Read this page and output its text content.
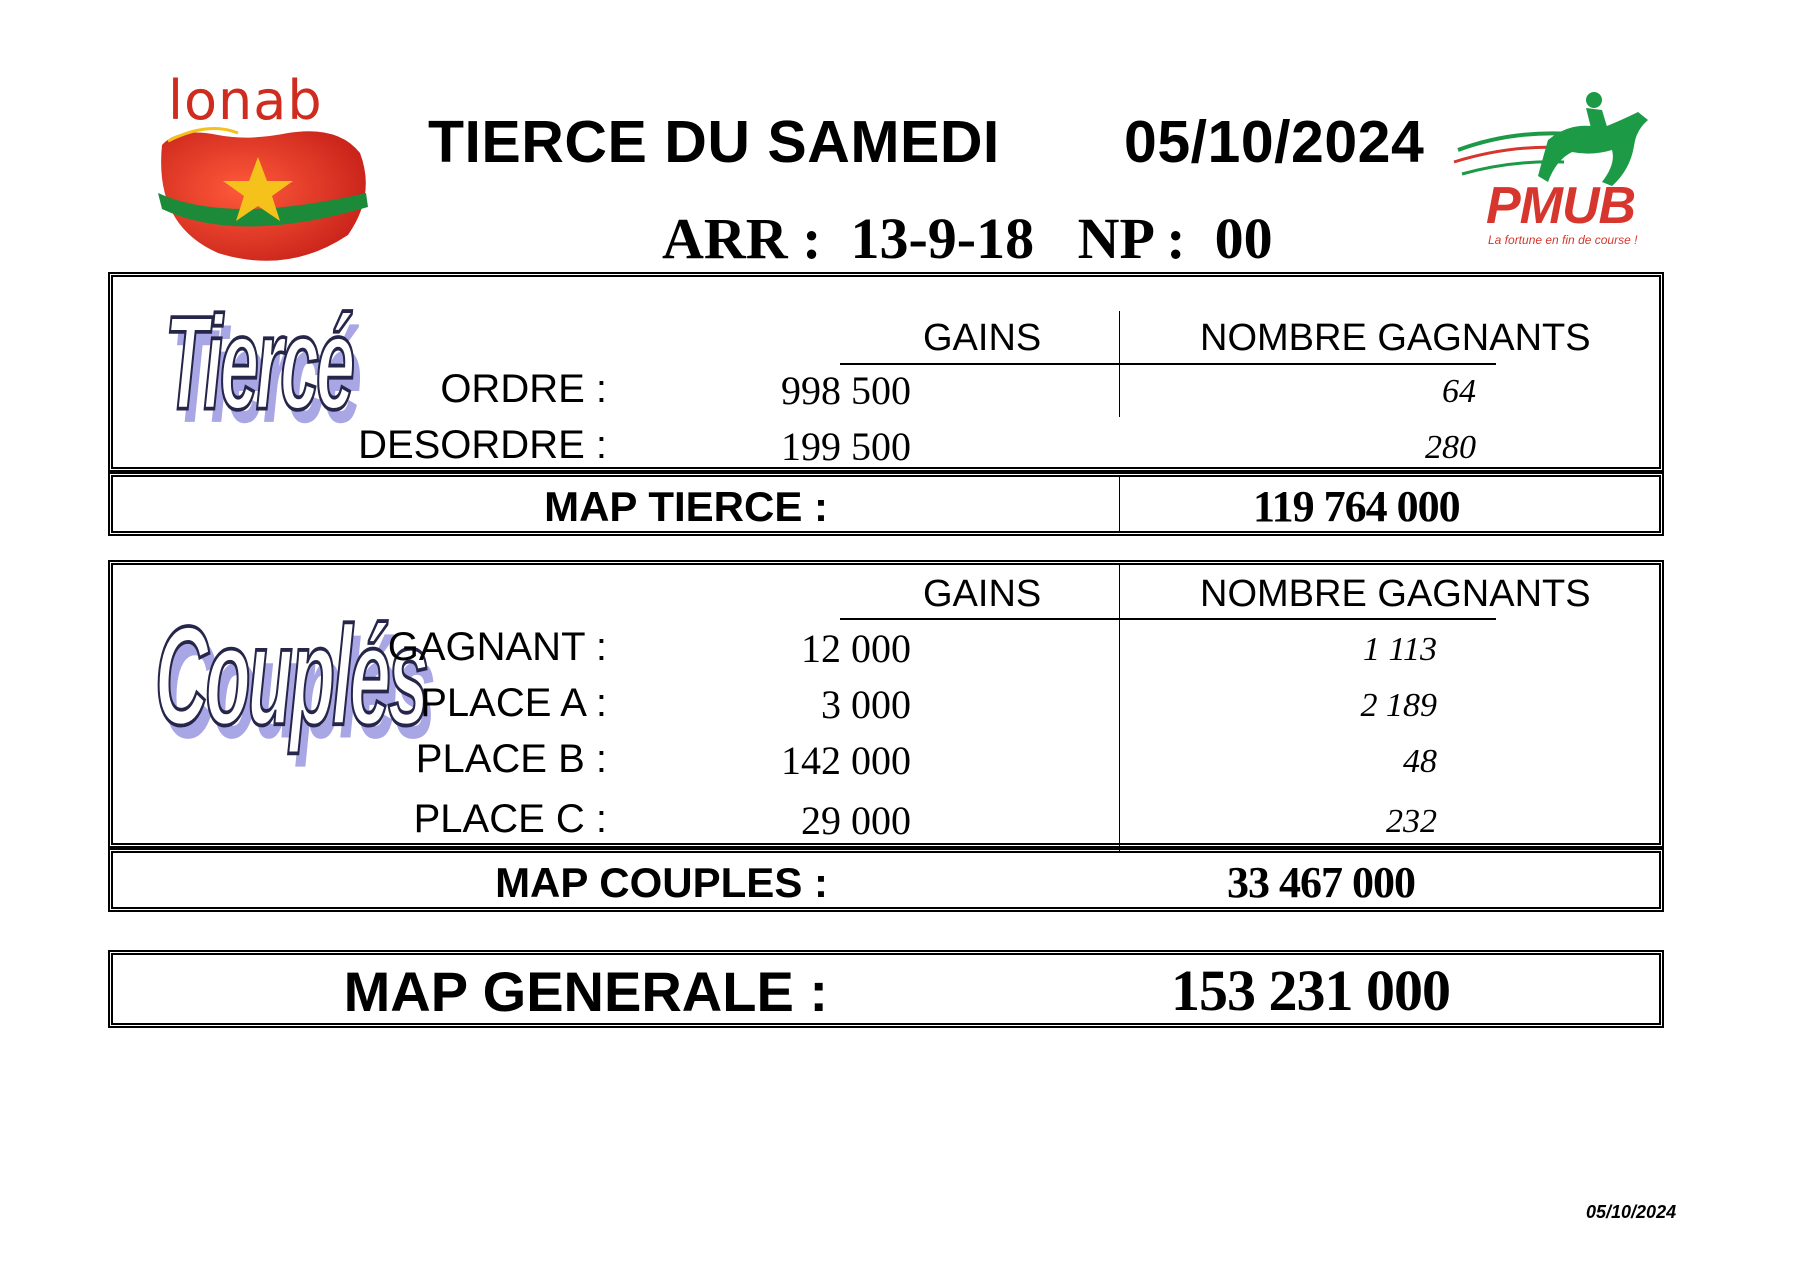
lonab
TIERCE DU SAMEDI 05/10/2024
ARR : 13-9-18 NP : 00	PMUB
La fortune en fin de course !
Tiercé	GAINS	NOMBRE GAGNANTS
ORDRE :	998 500	64
DESORDRE :	199 500	280
MAP TIERCE :	119 764 000
Couplés
GAINS	NOMBRE GAGNANTS
GAGNANT :	12 000	1 113
PLACE A :	3 000	2 189
PLACE B :	142 000	48
PLACE C :	29 000	232
MAP COUPLES :	33 467 000
MAP GENERALE :	153 231 000
05/10/2024
